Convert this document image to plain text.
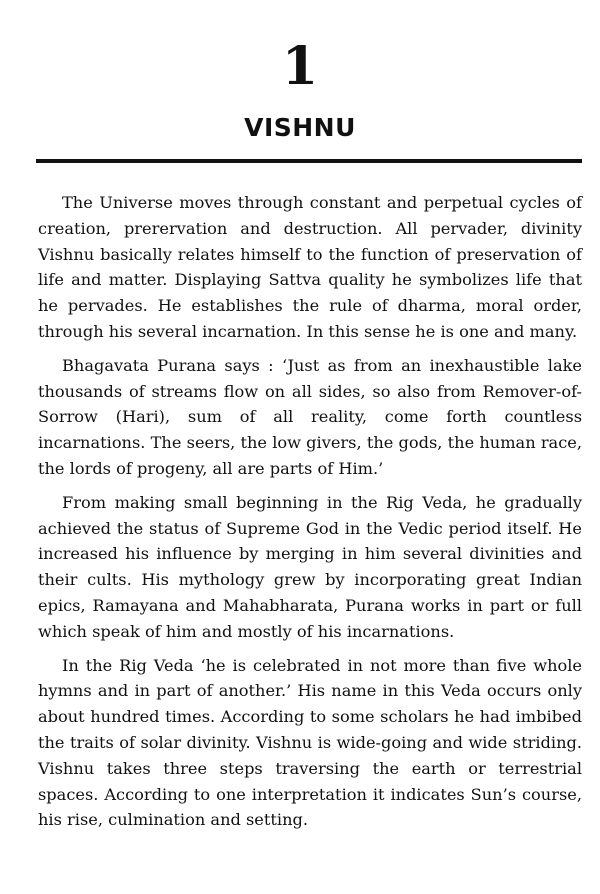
1
VISHNU

The Universe moves through constant and perpetual cycles of creation, prerervation and destruction. All pervader, divinity Vishnu basically relates himself to the function of preservation of life and matter. Displaying Sattva quality he symbolizes life that he pervades. He establishes the rule of dharma, moral order, through his several incarnation. In this sense he is one and many.

Bhagavata Purana says : ‘Just as from an inexhaustible lake thousands of streams flow on all sides, so also from Remover-of-Sorrow (Hari), sum of all reality, come forth countless incarnations. The seers, the low givers, the gods, the human race, the lords of progeny, all are parts of Him.’

From making small beginning in the Rig Veda, he gradually achieved the status of Supreme God in the Vedic period itself. He increased his influence by merging in him several divinities and their cults. His mythology grew by incorporating great Indian epics, Ramayana and Mahabharata, Purana works in part or full which speak of him and mostly of his incarnations.

In the Rig Veda ‘he is celebrated in not more than five whole hymns and in part of another.’ His name in this Veda occurs only about hundred times. According to some scholars he had imbibed the traits of solar divinity. Vishnu is wide-going and wide striding. Vishnu takes three steps traversing the earth or terrestrial spaces. According to one interpretation it indicates Sun’s course, his rise, culmination and setting.
